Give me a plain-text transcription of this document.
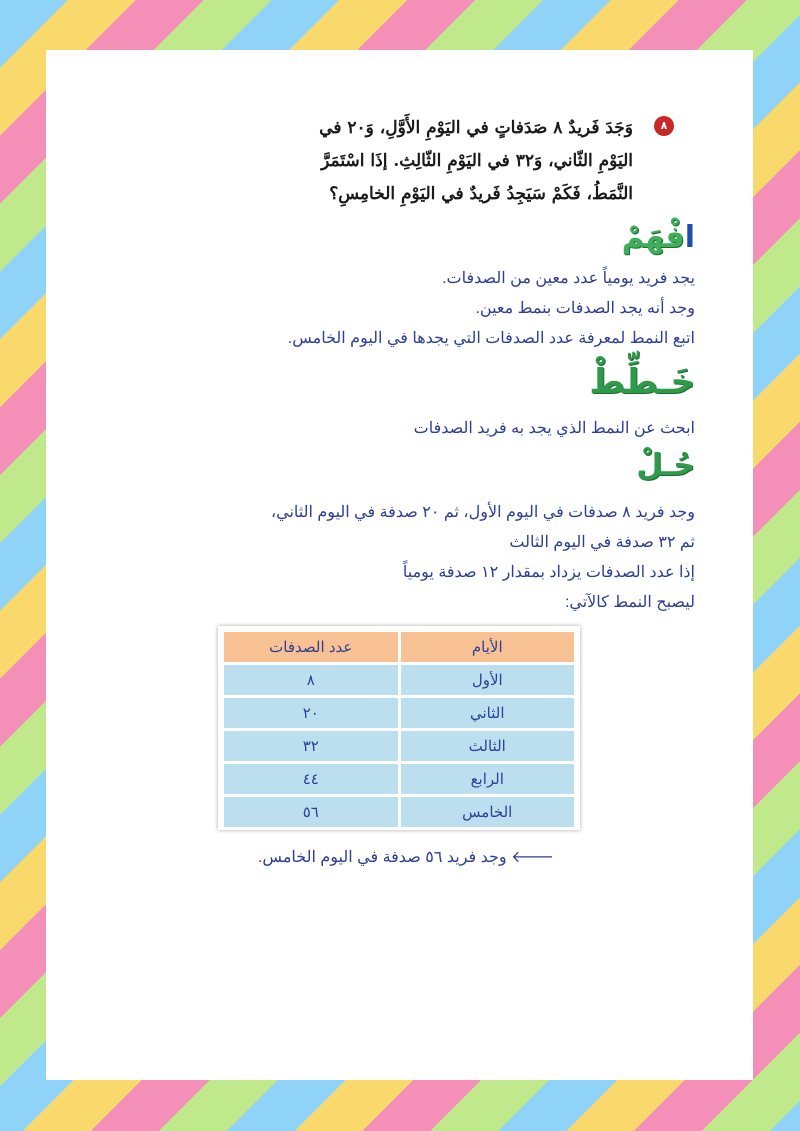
٨
وَجَدَ فَريدٌ ٨ صَدَفاتٍ في اليَوْمِ الأَوَّلِ، وَ٢٠ في
اليَوْمِ الثّاني، وَ٣٢ في اليَوْمِ الثّالِثِ. إذَا اسْتَمَرَّ
النَّمَطُ، فَكَمْ سَيَجِدُ فَريدٌ في اليَوْمِ الخامِسِ؟
افْهَمْ
يجد فريد يومياً عدد معين من الصدفات.
وجد أنه يجد الصدفات بنمط معين.
اتبع النمط لمعرفة عدد الصدفات التي يجدها في اليوم الخامس.
خَـطِّطْ
ابحث عن النمط الذي يجد به فريد الصدفات
حُـلْ
وجد فريد ٨ صدفات في اليوم الأول، ثم ٢٠ صدفة في اليوم الثاني،
ثم ٣٢ صدفة في اليوم الثالث
إذا عدد الصدفات يزداد بمقدار ١٢ صدفة يومياً
ليصبح النمط كالآتي:
الأيام	عدد الصدفات
الأول	٨
الثاني	٢٠
الثالث	٣٢
الرابع	٤٤
الخامس	٥٦
🡐 وجد فريد ٥٦ صدفة في اليوم الخامس.
